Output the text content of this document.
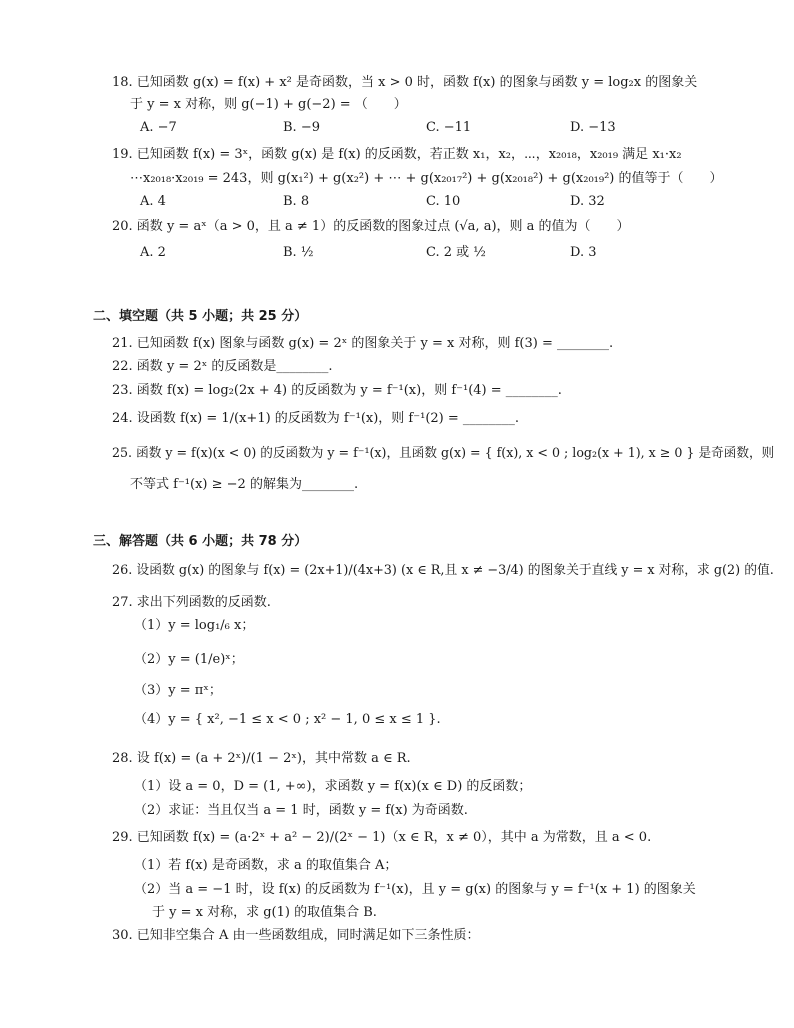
18. 已知函数 g(x) = f(x) + x² 是奇函数，当 x > 0 时，函数 f(x) 的图象与函数 y = log₂x 的图象关
于 y = x 对称，则 g(−1) + g(−2) = （　　）
A. −7	B. −9	C. −11	D. −13
19. 已知函数 f(x) = 3ˣ，函数 g(x) 是 f(x) 的反函数，若正数 x₁，x₂，⋯，x₂₀₁₈，x₂₀₁₉ 满足 x₁·x₂
⋯x₂₀₁₈·x₂₀₁₉ = 243，则 g(x₁²) + g(x₂²) + ⋯ + g(x₂₀₁₇²) + g(x₂₀₁₈²) + g(x₂₀₁₉²) 的值等于（　　）
A. 4	B. 8	C. 10	D. 32
20. 函数 y = aˣ（a > 0，且 a ≠ 1）的反函数的图象过点 (√a, a)，则 a 的值为（　　）
A. 2	B. ½	C. 2 或 ½	D. 3
二、填空题（共 5 小题；共 25 分）
21. 已知函数 f(x) 图象与函数 g(x) = 2ˣ 的图象关于 y = x 对称，则 f(3) = ________.
22. 函数 y = 2ˣ 的反函数是________.
23. 函数 f(x) = log₂(2x + 4) 的反函数为 y = f⁻¹(x)，则 f⁻¹(4) = ________.
24. 设函数 f(x) = 1/(x+1) 的反函数为 f⁻¹(x)，则 f⁻¹(2) = ________.
25. 函数 y = f(x)(x < 0) 的反函数为 y = f⁻¹(x)，且函数 g(x) = { f(x), x < 0 ; log₂(x + 1), x ≥ 0 } 是奇函数，则
不等式 f⁻¹(x) ≥ −2 的解集为________.
三、解答题（共 6 小题；共 78 分）
26. 设函数 g(x) 的图象与 f(x) = (2x+1)/(4x+3) (x ∈ R,且 x ≠ −3/4) 的图象关于直线 y = x 对称，求 g(2) 的值.
27. 求出下列函数的反函数.
（1）y = log₁/₆ x；
（2）y = (1/e)ˣ；
（3）y = πˣ；
（4）y = { x², −1 ≤ x < 0 ; x² − 1, 0 ≤ x ≤ 1 }.
28. 设 f(x) = (a + 2ˣ)/(1 − 2ˣ)，其中常数 a ∈ R.
（1）设 a = 0，D = (1, +∞)，求函数 y = f(x)(x ∈ D) 的反函数；
（2）求证：当且仅当 a = 1 时，函数 y = f(x) 为奇函数.
29. 已知函数 f(x) = (a·2ˣ + a² − 2)/(2ˣ − 1)（x ∈ R，x ≠ 0），其中 a 为常数，且 a < 0.
（1）若 f(x) 是奇函数，求 a 的取值集合 A；
（2）当 a = −1 时，设 f(x) 的反函数为 f⁻¹(x)，且 y = g(x) 的图象与 y = f⁻¹(x + 1) 的图象关
于 y = x 对称，求 g(1) 的取值集合 B.
30. 已知非空集合 A 由一些函数组成，同时满足如下三条性质：
